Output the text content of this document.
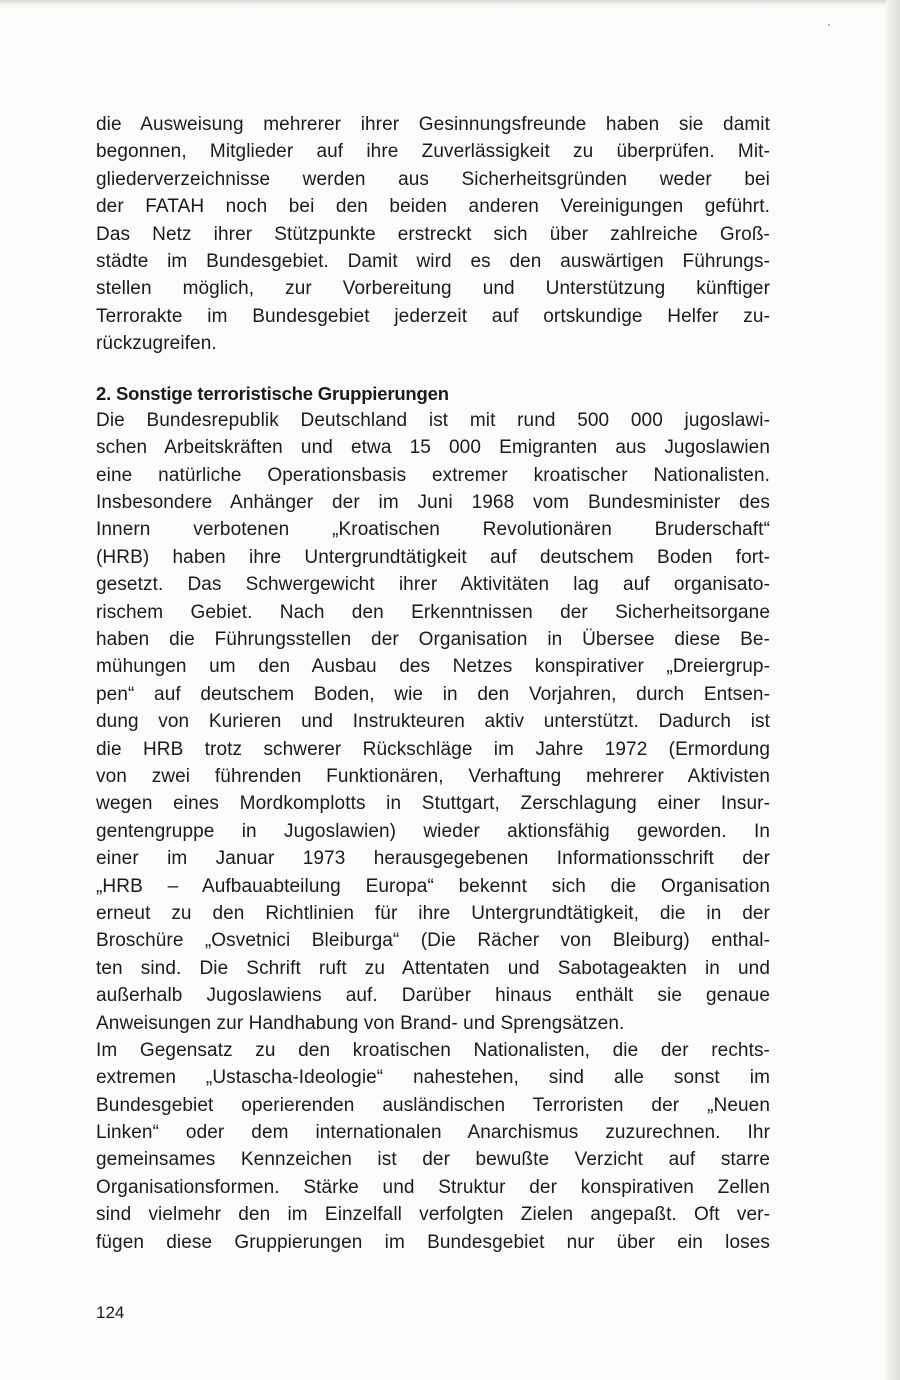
die Ausweisung mehrerer ihrer Gesinnungsfreunde haben sie damit
begonnen, Mitglieder auf ihre Zuverlässigkeit zu überprüfen. Mit-
gliederverzeichnisse werden aus Sicherheitsgründen weder bei
der FATAH noch bei den beiden anderen Vereinigungen geführt.
Das Netz ihrer Stützpunkte erstreckt sich über zahlreiche Groß-
städte im Bundesgebiet. Damit wird es den auswärtigen Führungs-
stellen möglich, zur Vorbereitung und Unterstützung künftiger
Terrorakte im Bundesgebiet jederzeit auf ortskundige Helfer zu-
rückzugreifen.
2. Sonstige terroristische Gruppierungen
Die Bundesrepublik Deutschland ist mit rund 500 000 jugoslawi-
schen Arbeitskräften und etwa 15 000 Emigranten aus Jugoslawien
eine natürliche Operationsbasis extremer kroatischer Nationalisten.
Insbesondere Anhänger der im Juni 1968 vom Bundesminister des
Innern verbotenen „Kroatischen Revolutionären Bruderschaft“
(HRB) haben ihre Untergrundtätigkeit auf deutschem Boden fort-
gesetzt. Das Schwergewicht ihrer Aktivitäten lag auf organisato-
rischem Gebiet. Nach den Erkenntnissen der Sicherheitsorgane
haben die Führungsstellen der Organisation in Übersee diese Be-
mühungen um den Ausbau des Netzes konspirativer „Dreiergrup-
pen“ auf deutschem Boden, wie in den Vorjahren, durch Entsen-
dung von Kurieren und Instrukteuren aktiv unterstützt. Dadurch ist
die HRB trotz schwerer Rückschläge im Jahre 1972 (Ermordung
von zwei führenden Funktionären, Verhaftung mehrerer Aktivisten
wegen eines Mordkomplotts in Stuttgart, Zerschlagung einer Insur-
gentengruppe in Jugoslawien) wieder aktionsfähig geworden. In
einer im Januar 1973 herausgegebenen Informationsschrift der
„HRB – Aufbauabteilung Europa“ bekennt sich die Organisation
erneut zu den Richtlinien für ihre Untergrundtätigkeit, die in der
Broschüre „Osvetnici Bleiburga“ (Die Rächer von Bleiburg) enthal-
ten sind. Die Schrift ruft zu Attentaten und Sabotageakten in und
außerhalb Jugoslawiens auf. Darüber hinaus enthält sie genaue
Anweisungen zur Handhabung von Brand- und Sprengsätzen.
Im Gegensatz zu den kroatischen Nationalisten, die der rechts-
extremen „Ustascha-Ideologie“ nahestehen, sind alle sonst im
Bundesgebiet operierenden ausländischen Terroristen der „Neuen
Linken“ oder dem internationalen Anarchismus zuzurechnen. Ihr
gemeinsames Kennzeichen ist der bewußte Verzicht auf starre
Organisationsformen. Stärke und Struktur der konspirativen Zellen
sind vielmehr den im Einzelfall verfolgten Zielen angepaßt. Oft ver-
fügen diese Gruppierungen im Bundesgebiet nur über ein loses
124
